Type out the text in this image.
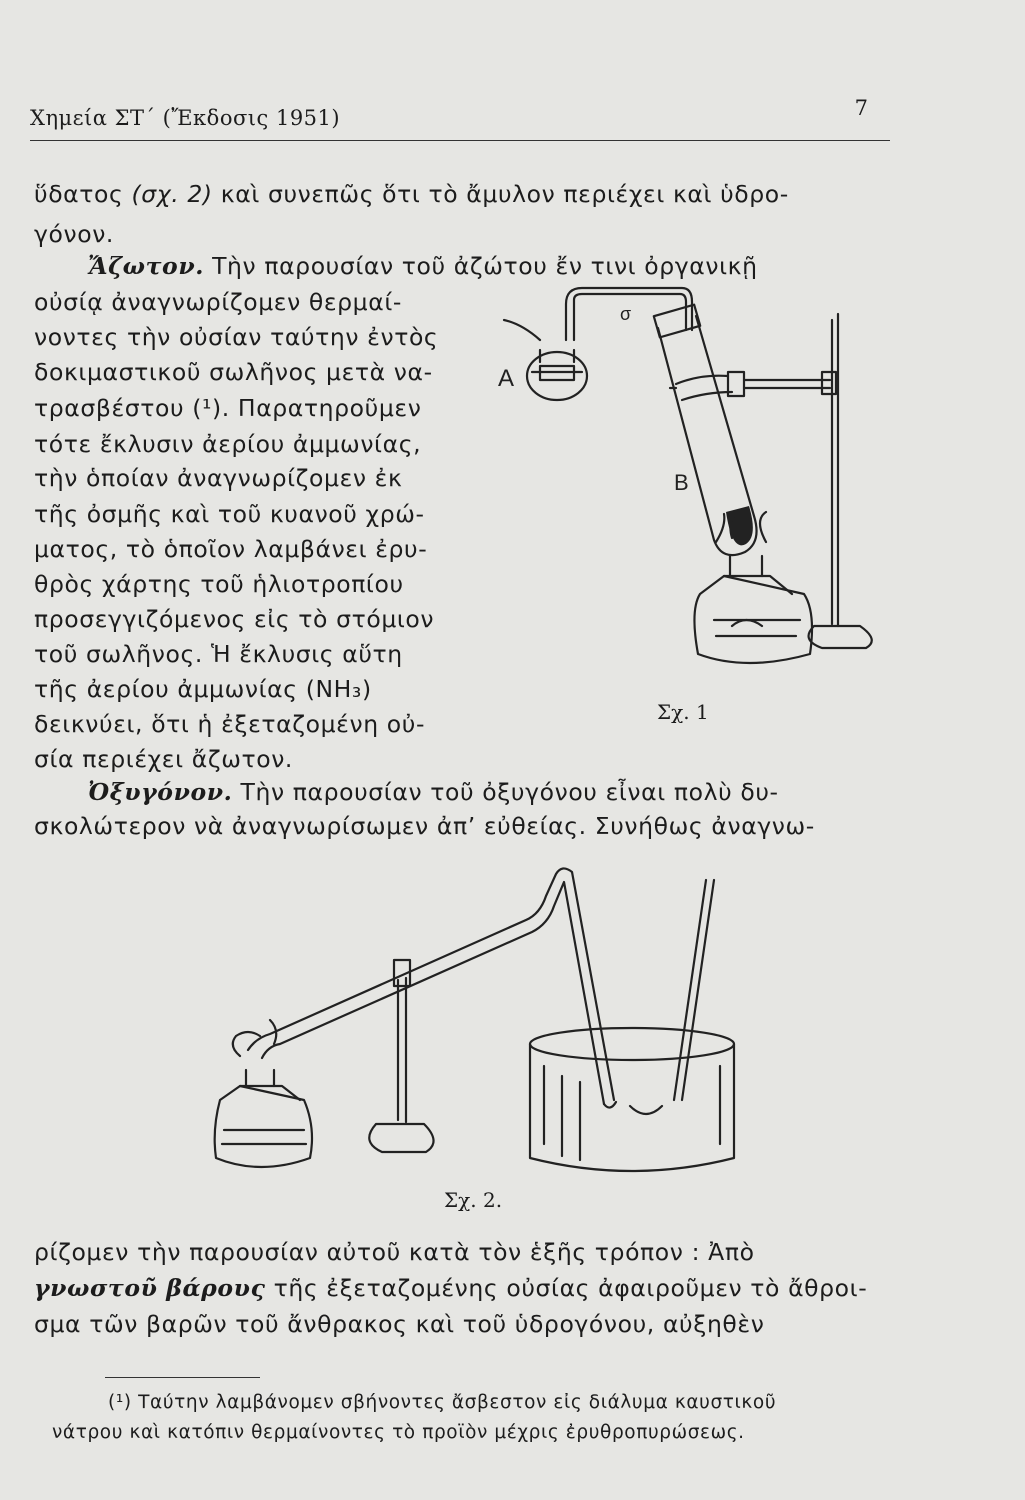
Χημεία ΣΤ΄ (Ἔκδοσις 1951)	7
ὕδατος (σχ. 2) καὶ συνεπῶς ὅτι τὸ ἄμυλον περιέχει καὶ ὑδρο-
γόνον.
Ἄζωτον. Τὴν παρουσίαν τοῦ ἀζώτου ἔν τινι ὀργανικῇ
οὐσίᾳ ἀναγνωρίζομεν θερμαί-
νοντες τὴν οὐσίαν ταύτην ἐντὸς
δοκιμαστικοῦ σωλῆνος μετὰ να-
τρασβέστου (¹). Παρατηροῦμεν
τότε ἔκλυσιν ἀερίου ἀμμωνίας,
τὴν ὁποίαν ἀναγνωρίζομεν ἐκ
τῆς ὀσμῆς καὶ τοῦ κυανοῦ χρώ-
ματος, τὸ ὁποῖον λαμβάνει ἐρυ-
θρὸς χάρτης τοῦ ἡλιοτροπίου
προσεγγιζόμενος εἰς τὸ στόμιον
τοῦ σωλῆνος. Ἡ ἔκλυσις αὕτη
τῆς ἀερίου ἀμμωνίας (NH₃)
δεικνύει, ὅτι ἡ ἐξεταζομένη οὐ-
σία περιέχει ἄζωτον.
Ὀξυγόνον. Τὴν παρουσίαν τοῦ ὀξυγόνου εἶναι πολὺ δυ-
σκολώτερον νὰ ἀναγνωρίσωμεν ἀπ’ εὐθείας. Συνήθως ἀναγνω-
A
B
σ
Σχ. 1
Σχ. 2.
ρίζομεν τὴν παρουσίαν αὐτοῦ κατὰ τὸν ἑξῆς τρόπον : Ἀπὸ
γνωστοῦ βάρους τῆς ἐξεταζομένης οὐσίας ἀφαιροῦμεν τὸ ἄθροι-
σμα τῶν βαρῶν τοῦ ἄνθρακος καὶ τοῦ ὑδρογόνου, αὐξηθὲν
(¹) Ταύτην λαμβάνομεν σβήνοντες ἄσβεστον εἰς διάλυμα καυστικοῦ
νάτρου καὶ κατόπιν θερμαίνοντες τὸ προϊὸν μέχρις ἐρυθροπυρώσεως.
